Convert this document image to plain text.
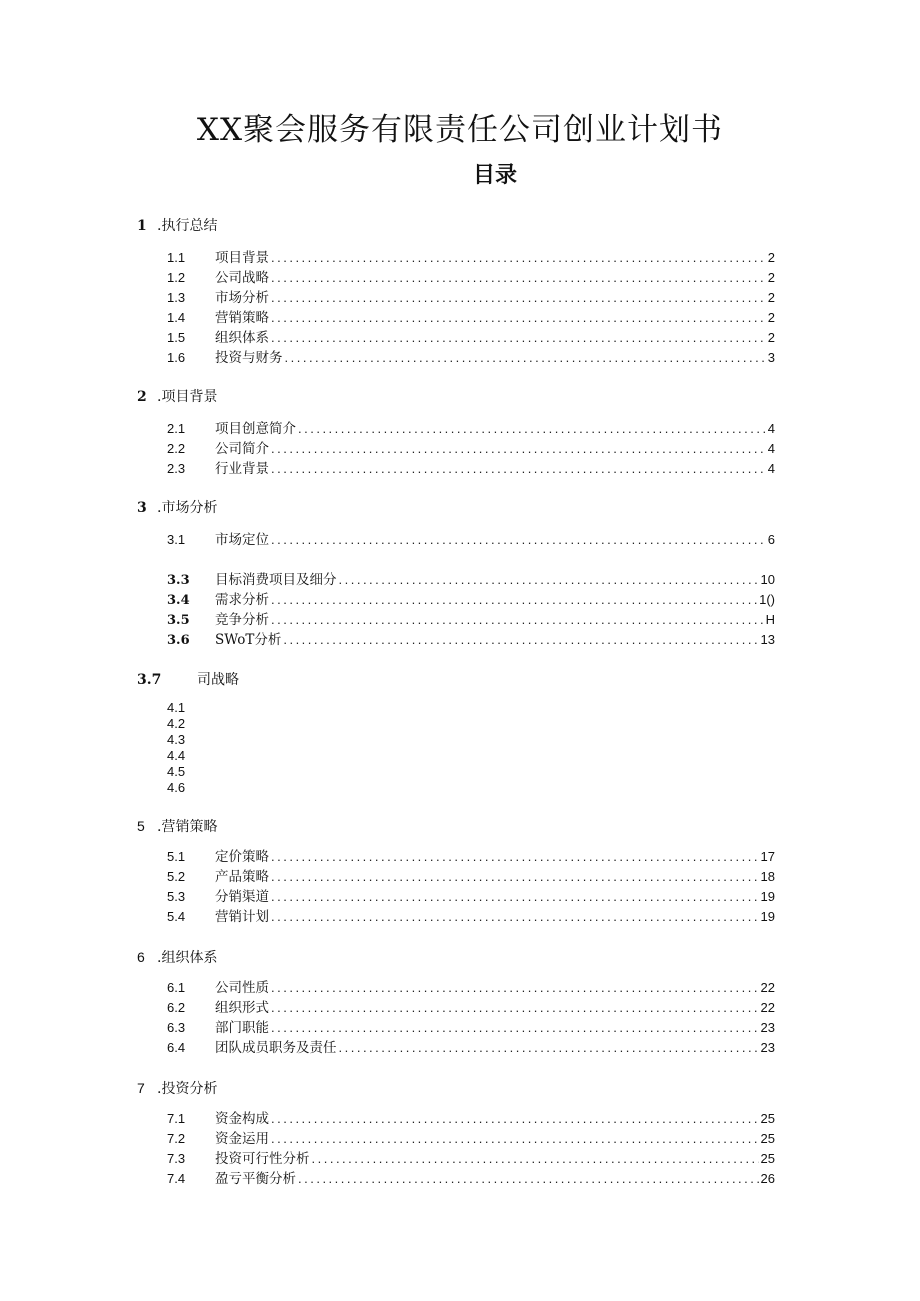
XX聚会服务有限责任公司创业计划书
目录
1 .执行总结
1.1	项目背景 .....	2
1.2	公司战略 .....	2
1.3	市场分析 .....	2
1.4	营销策略 .....	2
1.5	组织体系 .....	2
1.6	投资与财务 .....	3
2 .项目背景
2.1	项目创意简介 .....	4
2.2	公司简介 .....	4
2.3	行业背景 .....	4
3 .市场分析
3.1	市场定位 .....	6
3.3	目标消费项目及细分 .....	10
3.4	需求分析 .....	1()
3.5	竞争分析 .....	H
3.6	SWoT分析 .....	13
3.7	司战略
4.1
4.2
4.3
4.4
4.5
4.6
5 .营销策略
5.1	定价策略 .....	17
5.2	产品策略 .....	18
5.3	分销渠道 .....	19
5.4	营销计划 .....	19
6 .组织体系
6.1	公司性质 .....	22
6.2	组织形式 .....	22
6.3	部门职能 .....	23
6.4	团队成员职务及责任 .....	23
7 .投资分析
7.1	资金构成 .....	25
7.2	资金运用 .....	25
7.3	投资可行性分析 .....	25
7.4	盈亏平衡分析 .....	26
